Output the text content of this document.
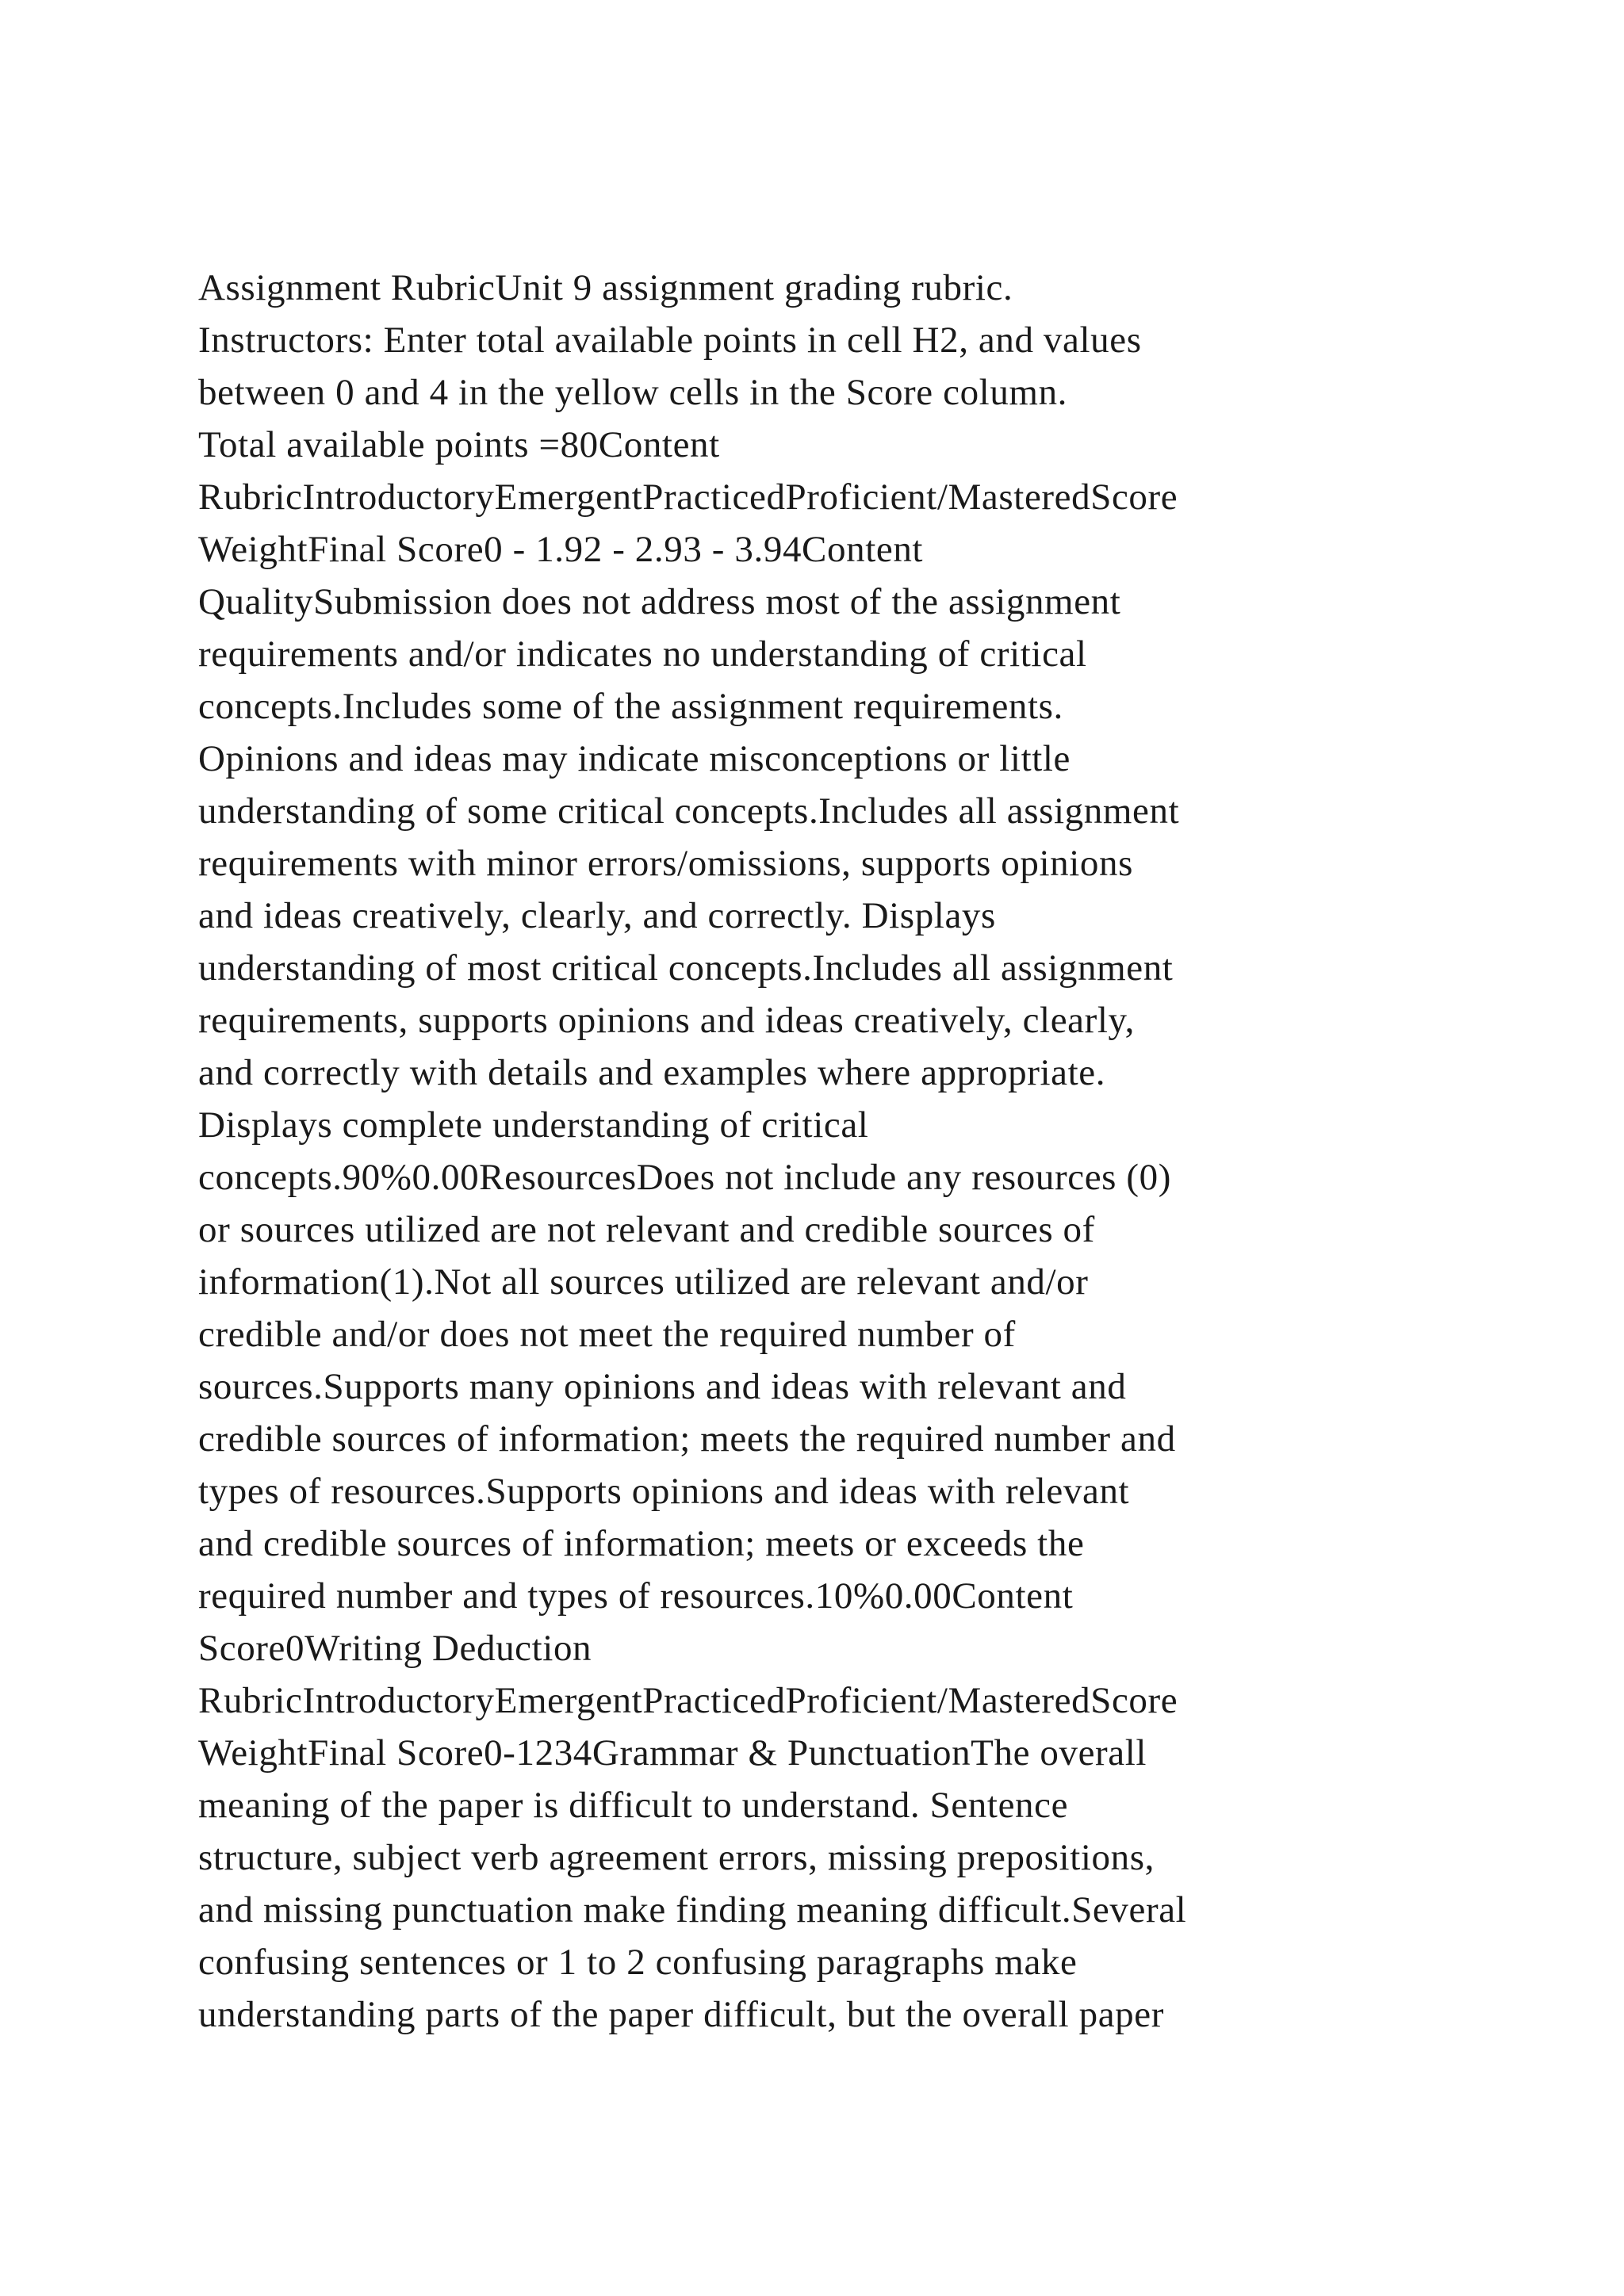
Assignment RubricUnit 9 assignment grading rubric.
Instructors: Enter total available points in cell H2, and values
between 0 and 4 in the yellow cells in the Score column.
Total available points =80Content
RubricIntroductoryEmergentPracticedProficient/MasteredScore
WeightFinal Score0 - 1.92 - 2.93 - 3.94Content
QualitySubmission does not address most of the assignment
requirements and/or indicates no understanding of critical
concepts.Includes some of the assignment requirements.
Opinions and ideas may indicate misconceptions or little
understanding of some critical concepts.Includes all assignment
requirements with minor errors/omissions, supports opinions
and ideas creatively, clearly, and correctly. Displays
understanding of most critical concepts.Includes all assignment
requirements, supports opinions and ideas creatively, clearly,
and correctly with details and examples where appropriate.
Displays complete understanding of critical
concepts.90%0.00ResourcesDoes not include any resources (0)
or sources utilized are not relevant and credible sources of
information(1).Not all sources utilized are relevant and/or
credible and/or does not meet the required number of
sources.Supports many opinions and ideas with relevant and
credible sources of information; meets the required number and
types of resources.Supports opinions and ideas with relevant
and credible sources of information; meets or exceeds the
required number and types of resources.10%0.00Content
Score0Writing Deduction
RubricIntroductoryEmergentPracticedProficient/MasteredScore
WeightFinal Score0-1234Grammar & PunctuationThe overall
meaning of the paper is difficult to understand. Sentence
structure, subject verb agreement errors, missing prepositions,
and missing punctuation make finding meaning difficult.Several
confusing sentences or 1 to 2 confusing paragraphs make
understanding parts of the paper difficult, but the overall paper
